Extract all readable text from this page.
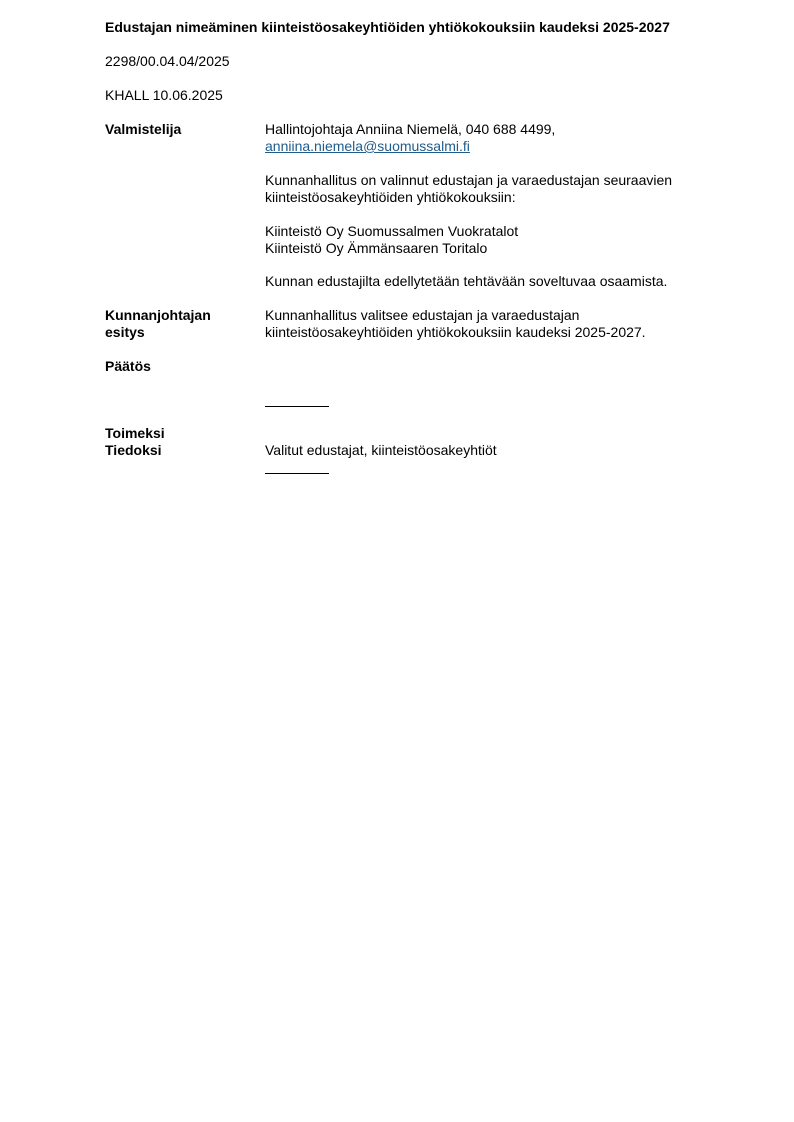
Edustajan nimeäminen kiinteistöosakeyhtiöiden yhtiökokouksiin kaudeksi 2025-2027
2298/00.04.04/2025
KHALL 10.06.2025
Valmistelija	Hallintojohtaja Anniina Niemelä, 040 688 4499,
anniina.niemela@suomussalmi.fi
Kunnanhallitus on valinnut edustajan ja varaedustajan seuraavien
kiinteistöosakeyhtiöiden yhtiökokouksiin:
Kiinteistö Oy Suomussalmen Vuokratalot
Kiinteistö Oy Ämmänsaaren Toritalo
Kunnan edustajilta edellytetään tehtävään soveltuvaa osaamista.
Kunnanjohtajan
esitys
Kunnanhallitus valitsee edustajan ja varaedustajan
kiinteistöosakeyhtiöiden yhtiökokouksiin kaudeksi 2025-2027.
Päätös
Toimeksi
Tiedoksi	Valitut edustajat, kiinteistöosakeyhtiöt
